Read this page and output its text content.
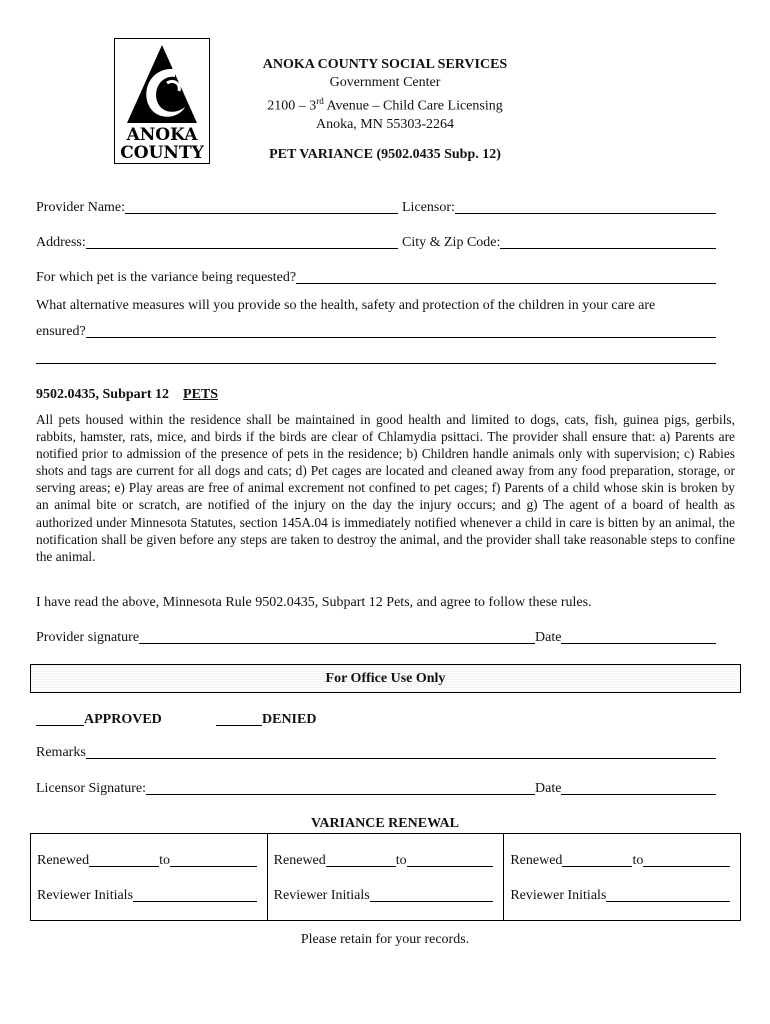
ANOKA
COUNTY
ANOKA COUNTY SOCIAL SERVICES
Government Center
2100 – 3rd Avenue – Child Care Licensing
Anoka, MN 55303-2264
PET VARIANCE (9502.0435 Subp. 12)
Provider Name:	Licensor:
Address:	City & Zip Code:
For which pet is the variance being requested?
What alternative measures will you provide so the health, safety and protection of the children in your care are
ensured?
9502.0435, Subpart 12 PETS
All pets housed within the residence shall be maintained in good health and limited to dogs, cats, fish, guinea pigs, gerbils, rabbits, hamster, rats, mice, and birds if the birds are clear of Chlamydia psittaci. The provider shall ensure that: a) Parents are notified prior to admission of the presence of pets in the residence; b) Children handle animals only with supervision; c) Rabies shots and tags are current for all dogs and cats; d) Pet cages are located and cleaned away from any food preparation, storage, or serving areas; e) Play areas are free of animal excrement not confined to pet cages; f) Parents of a child whose skin is broken by an animal bite or scratch, are notified of the injury on the day the injury occurs; and g) The agent of a board of health as authorized under Minnesota Statutes, section 145A.04 is immediately notified whenever a child in care is bitten by an animal, the notification shall be given before any steps are taken to destroy the animal, and the provider shall take reasonable steps to confine the animal.
I have read the above, Minnesota Rule 9502.0435, Subpart 12 Pets, and agree to follow these rules.
Provider signature	Date
For Office Use Only
APPROVED	DENIED
Remarks
Licensor Signature:	Date
VARIANCE RENEWAL
Renewed	to
Reviewer Initials
Renewed	to
Reviewer Initials
Renewed	to
Reviewer Initials
Please retain for your records.
